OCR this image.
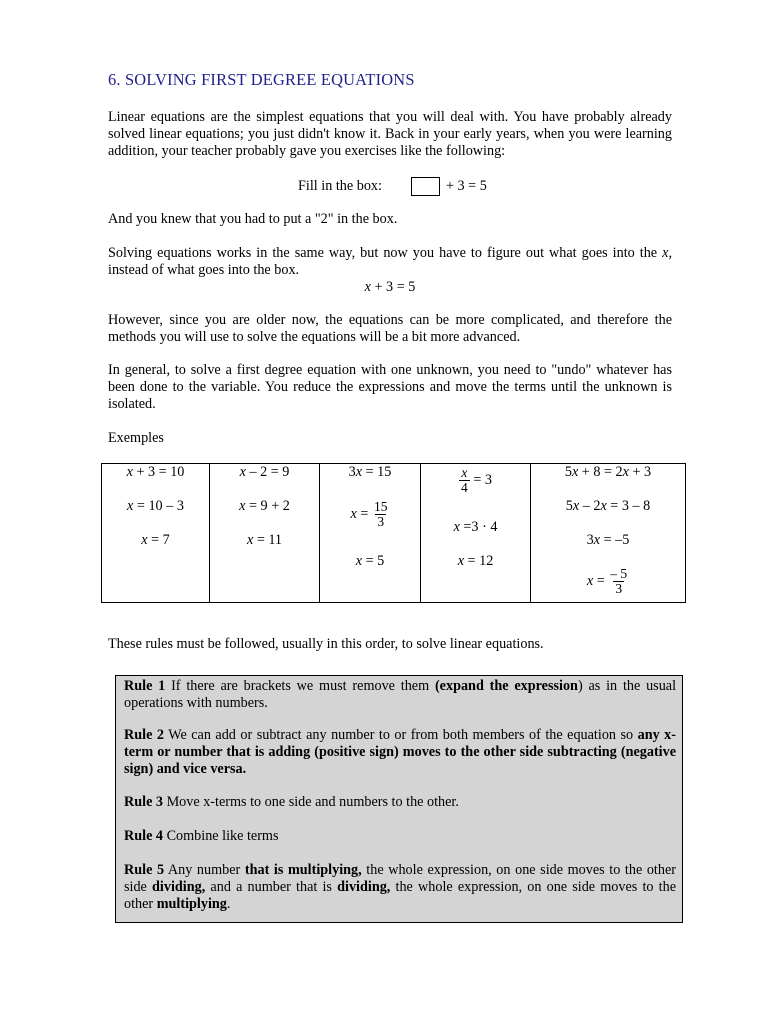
6. SOLVING FIRST DEGREE EQUATIONS
Linear equations are the simplest equations that you will deal with. You have probably already solved linear equations; you just didn't know it. Back in your early years, when you were learning addition, your teacher probably gave you exercises like the following:
Fill in the box:	+ 3 = 5
And you knew that you had to put a "2" in the box.
Solving equations works in the same way, but now you have to figure out what goes into the x, instead of what goes into the box.
x + 3 = 5
However, since you are older now, the equations can be more complicated, and therefore the methods you will use to solve the equations will be a bit more advanced.
In general, to solve a first degree equation with one unknown, you need to "undo" whatever has been done to the variable. You reduce the expressions and move the terms until the unknown is isolated.
Exemples
x + 3 = 10
x = 10 – 3
x = 7
x – 2 = 9
x = 9 + 2
x = 11
3x = 15
$x = \frac{15}{3}$
x = 5
$\frac{x}{4} = 3$
x =3 · 4
x = 12
5x + 8 = 2x + 3
5x – 2x = 3 – 8
3x = –5
$x = \frac{- 5}{3}$
These rules must be followed, usually in this order, to solve linear equations.
Rule 1 If there are brackets we must remove them (expand the expression) as in the usual operations with numbers.
Rule 2 We can add or subtract any number to or from both members of the equation so any x-term or number that is adding (positive sign) moves to the other side subtracting (negative sign) and vice versa.
Rule 3 Move x-terms to one side and numbers to the other.
Rule 4 Combine like terms
Rule 5 Any number that is multiplying, the whole expression, on one side moves to the other side dividing, and a number that is dividing, the whole expression, on one side moves to the other multiplying.
